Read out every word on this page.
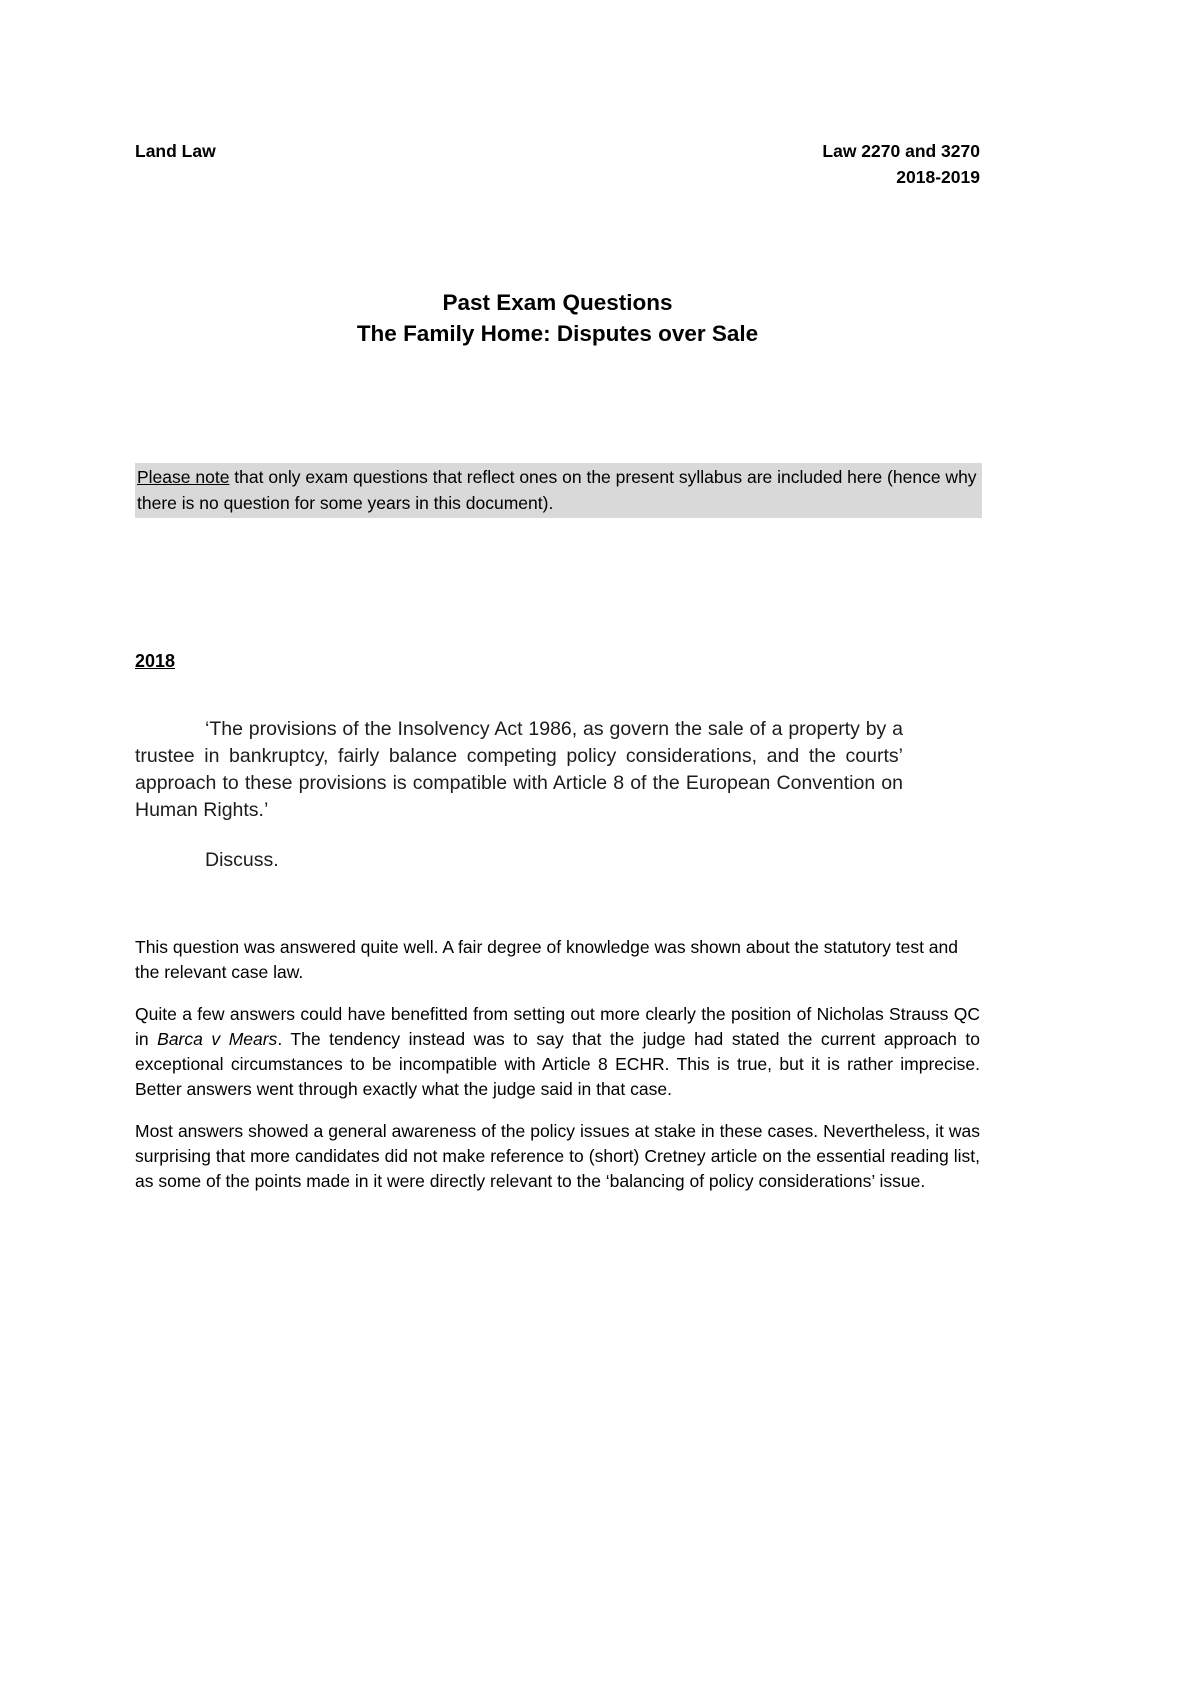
Land Law	Law 2270 and 3270
2018-2019
Past Exam Questions
The Family Home: Disputes over Sale

Please note that only exam questions that reflect ones on the present syllabus are included here (hence why there is no question for some years in this document).

2018

‘The provisions of the Insolvency Act 1986, as govern the sale of a property by a trustee in bankruptcy, fairly balance competing policy considerations, and the courts’ approach to these provisions is compatible with Article 8 of the European Convention on Human Rights.’

Discuss.

This question was answered quite well. A fair degree of knowledge was shown about the statutory test and the relevant case law.

Quite a few answers could have benefitted from setting out more clearly the position of Nicholas Strauss QC in Barca v Mears. The tendency instead was to say that the judge had stated the current approach to exceptional circumstances to be incompatible with Article 8 ECHR. This is true, but it is rather imprecise. Better answers went through exactly what the judge said in that case.

Most answers showed a general awareness of the policy issues at stake in these cases. Nevertheless, it was surprising that more candidates did not make reference to (short) Cretney article on the essential reading list, as some of the points made in it were directly relevant to the ‘balancing of policy considerations’ issue.
